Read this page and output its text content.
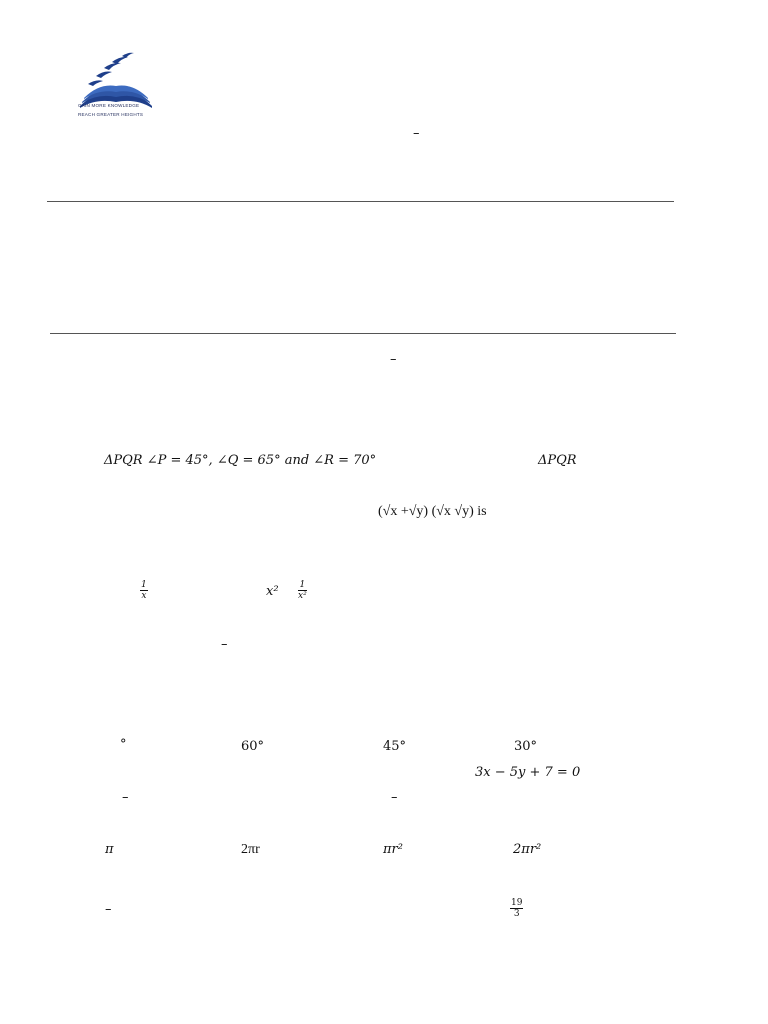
GAIN MORE KNOWLEDGE
REACH GREATER HEIGHTS
–
–
ΔPQR ∠P = 45°, ∠Q = 65° and ∠R = 70°	ΔPQR
(√x +√y) (√x √y) is
$\frac{1}{x}$	$x^2 \frac{1}{\text{x²}}$
–
°	60°	45°	30°
3x − 5y + 7 = 0
–	–
π	2πr	πr²	2πr²
–	$\frac{19}{3}$
